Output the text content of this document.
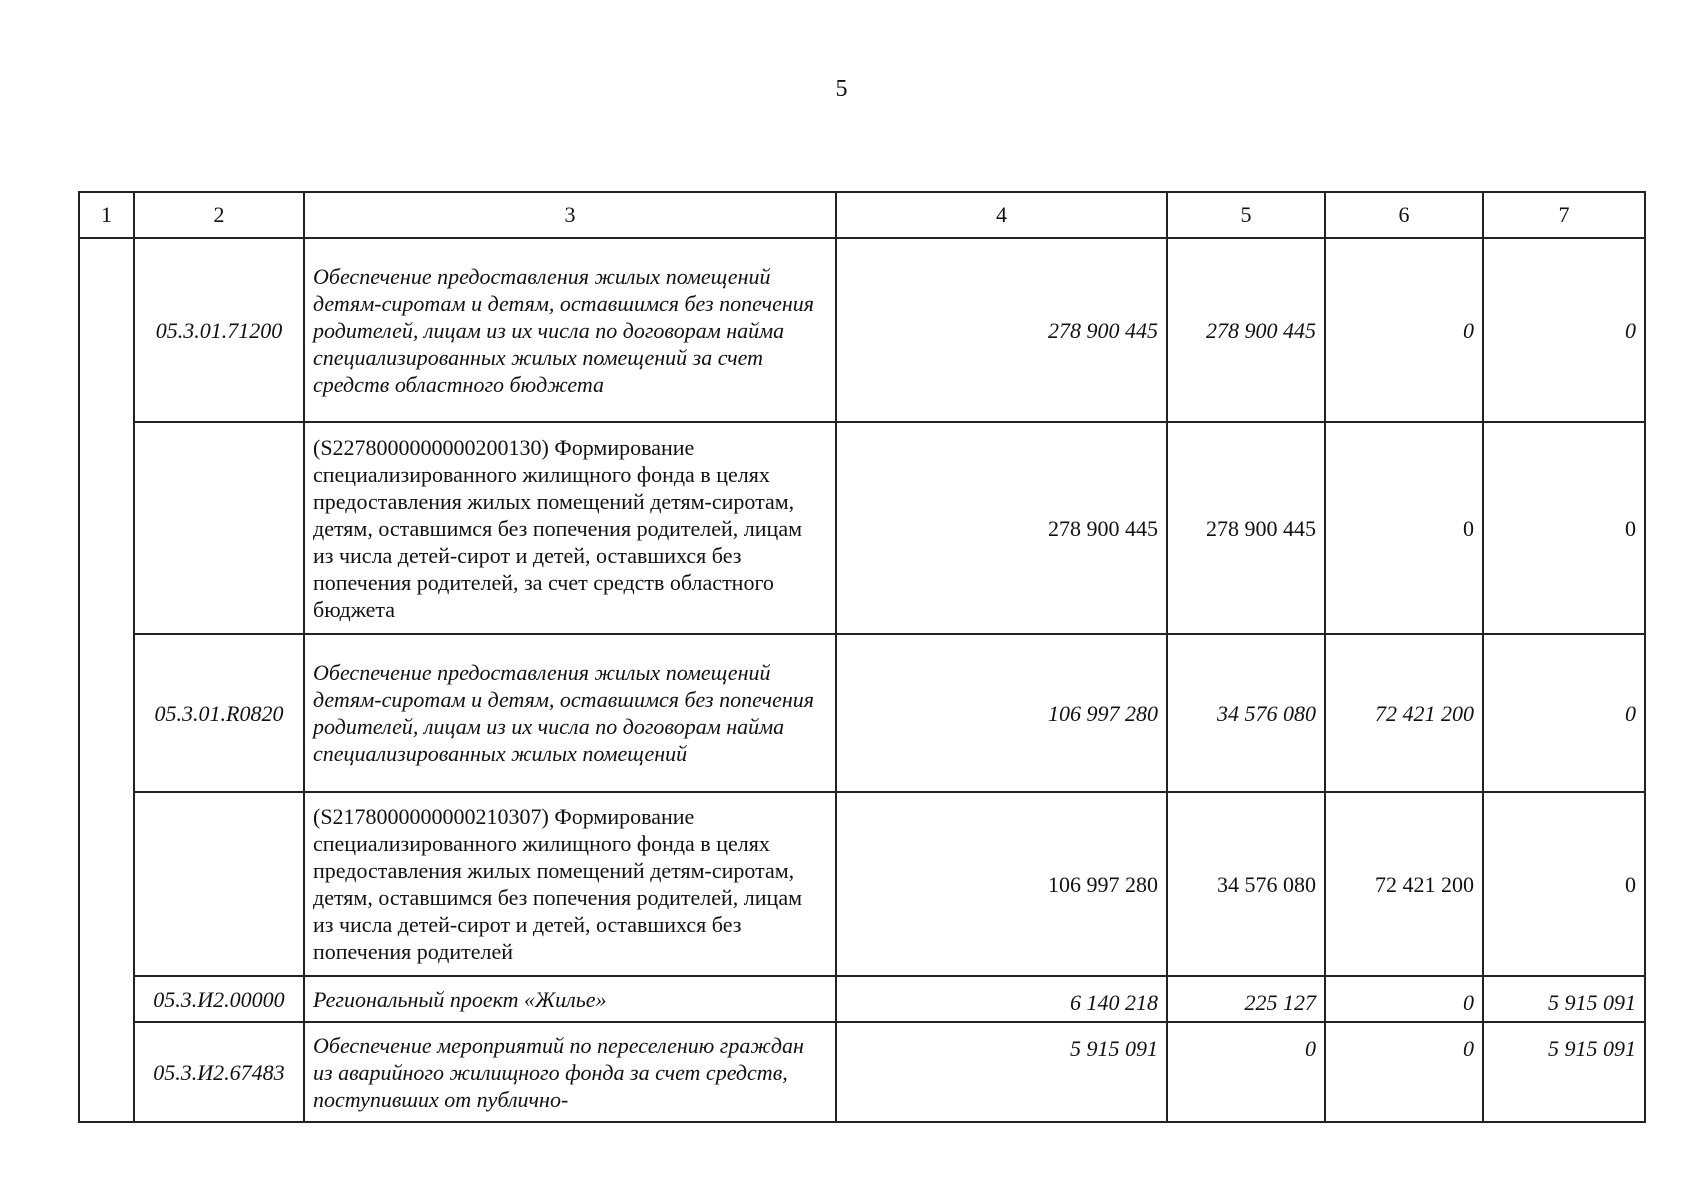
5
1	2	3	4	5	6	7
	05.3.01.71200	Обеспечение предоставления жилых помещений детям-сиротам и детям, оставшимся без попечения родителей, лицам из их числа по договорам найма специализированных жилых помещений за счет средств областного бюджета	278 900 445	278 900 445	0	0
		(S2278000000000200130) Формирование специализированного жилищного фонда в целях предоставления жилых помещений детям-сиротам, детям, оставшимся без попечения родителей, лицам из числа детей-сирот и детей, оставшихся без попечения родителей, за счет средств областного бюджета	278 900 445	278 900 445	0	0
	05.3.01.R0820	Обеспечение предоставления жилых помещений детям-сиротам и детям, оставшимся без попечения родителей, лицам из их числа по договорам найма специализированных жилых помещений	106 997 280	34 576 080	72 421 200	0
		(S2178000000000210307) Формирование специализированного жилищного фонда в целях предоставления жилых помещений детям-сиротам, детям, оставшимся без попечения родителей, лицам из числа детей-сирот и детей, оставшихся без попечения родителей	106 997 280	34 576 080	72 421 200	0
	05.3.И2.00000	Региональный проект «Жилье»	6 140 218	225 127	0	5 915 091
	05.3.И2.67483	Обеспечение мероприятий по переселению граждан из аварийного жилищного фонда за счет средств, поступивших от публично-	5 915 091	0	0	5 915 091
